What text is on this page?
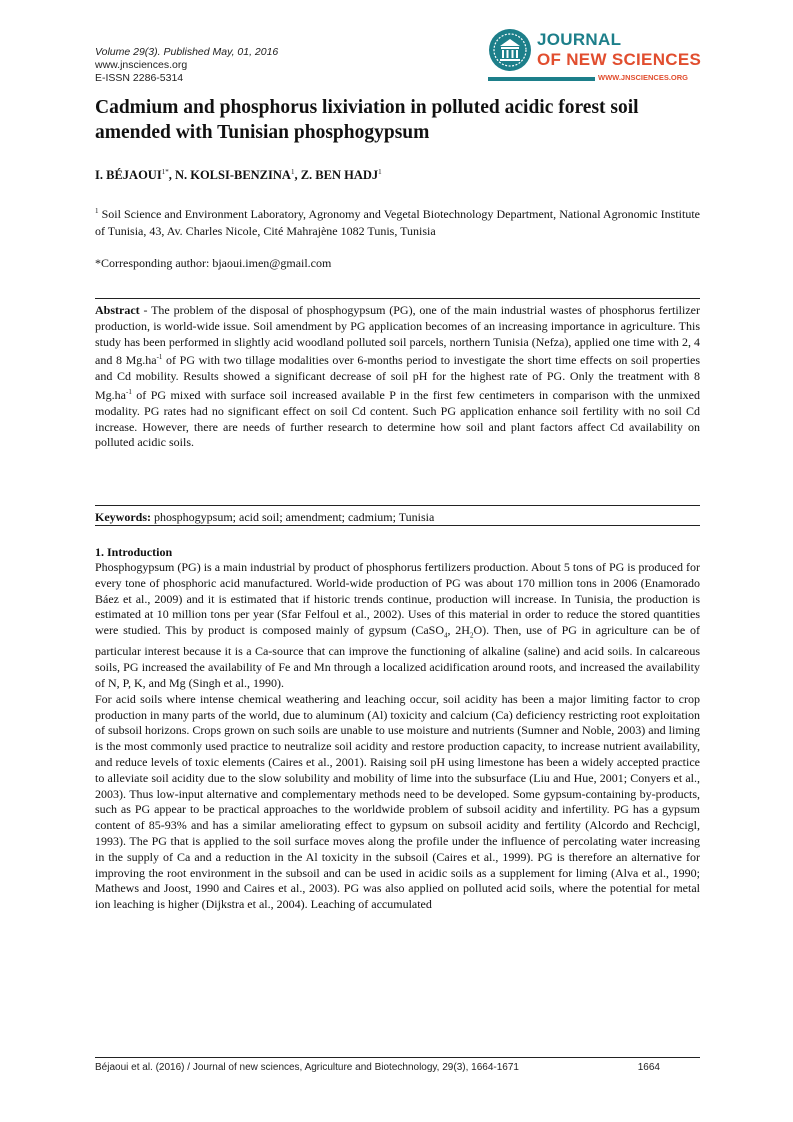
Volume 29(3). Published May, 01, 2016
www.jnsciences.org
E-ISSN 2286-5314
JOURNAL
OF NEW SCIENCES
WWW.JNSCIENCES.ORG
Cadmium and phosphorus lixiviation in polluted acidic forest soil amended with Tunisian phosphogypsum
I. $BÉJAOUI^{1*}$, N. KOLSI-BENZINA$^1$, Z. BEN HADJ$^1$
$^1$ Soil Science and Environment Laboratory, Agronomy and Vegetal Biotechnology Department, National Agronomic Institute of Tunisia, 43, Av. Charles Nicole, Cité Mahrajène 1082 Tunis, Tunisia
*Corresponding author: bjaoui.imen@gmail.com
Abstract - The problem of the disposal of phosphogypsum (PG), one of the main industrial wastes of phosphorus fertilizer production, is world-wide issue. Soil amendment by PG application becomes of an increasing importance in agriculture. This study has been performed in slightly acid woodland polluted soil parcels, northern Tunisia (Nefza), applied one time with 2, 4 and 8 $Mg.ha^{-1}$ of PG with two tillage modalities over 6-months period to investigate the short time effects on soil properties and Cd mobility. Results showed a significant decrease of soil pH for the highest rate of PG. Only the treatment with 8 $Mg.ha^{-1}$ of PG mixed with surface soil increased available P in the first few centimeters in comparison with the unmixed modality. PG rates had no significant effect on soil Cd content. Such PG application enhance soil fertility with no soil Cd increase. However, there are needs of further research to determine how soil and plant factors affect Cd availability on polluted acidic soils.
Keywords: phosphogypsum; acid soil; amendment; cadmium; Tunisia
1. Introduction

Phosphogypsum (PG) is a main industrial by product of phosphorus fertilizers production. About 5 tons of PG is produced for every tone of phosphoric acid manufactured. World-wide production of PG was about 170 million tons in 2006 (Enamorado Báez et al., 2009) and it is estimated that if historic trends continue, production will increase. In Tunisia, the production is estimated at 10 million tons per year (Sfar Felfoul et al., 2002). Uses of this material in order to reduce the stored quantities were studied. This by product is composed mainly of gypsum (CaSO$_4$, $2H_2O$). Then, use of PG in agriculture can be of particular interest because it is a Ca-source that can improve the functioning of alkaline (saline) and acid soils. In calcareous soils, PG increased the availability of Fe and Mn through a localized acidification around roots, and increased the availability of N, P, K, and Mg (Singh et al., 1990).

For acid soils where intense chemical weathering and leaching occur, soil acidity has been a major limiting factor to crop production in many parts of the world, due to aluminum (Al) toxicity and calcium (Ca) deficiency restricting root exploitation of subsoil horizons. Crops grown on such soils are unable to use moisture and nutrients (Sumner and Noble, 2003) and liming is the most commonly used practice to neutralize soil acidity and restore production capacity, to increase nutrient availability, and reduce levels of toxic elements (Caires et al., 2001). Raising soil pH using limestone has been a widely accepted practice to alleviate soil acidity due to the slow solubility and mobility of lime into the subsurface (Liu and Hue, 2001; Conyers et al., 2003). Thus low-input alternative and complementary methods need to be developed. Some gypsum-containing by-products, such as PG appear to be practical approaches to the worldwide problem of subsoil acidity and infertility. PG has a gypsum content of 85-93% and has a similar ameliorating effect to gypsum on subsoil acidity and fertility (Alcordo and Rechcigl, 1993). The PG that is applied to the soil surface moves along the profile under the influence of percolating water increasing in the supply of Ca and a reduction in the Al toxicity in the subsoil (Caires et al., 1999). PG is therefore an alternative for improving the root environment in the subsoil and can be used in acidic soils as a supplement for liming (Alva et al., 1990; Mathews and Joost, 1990 and Caires et al., 2003). PG was also applied on polluted acid soils, where the potential for metal ion leaching is higher (Dijkstra et al., 2004). Leaching of accumulated

Béjaoui et al. (2016) / Journal of new sciences, Agriculture and Biotechnology, 29(3), 1664-1671	1664
